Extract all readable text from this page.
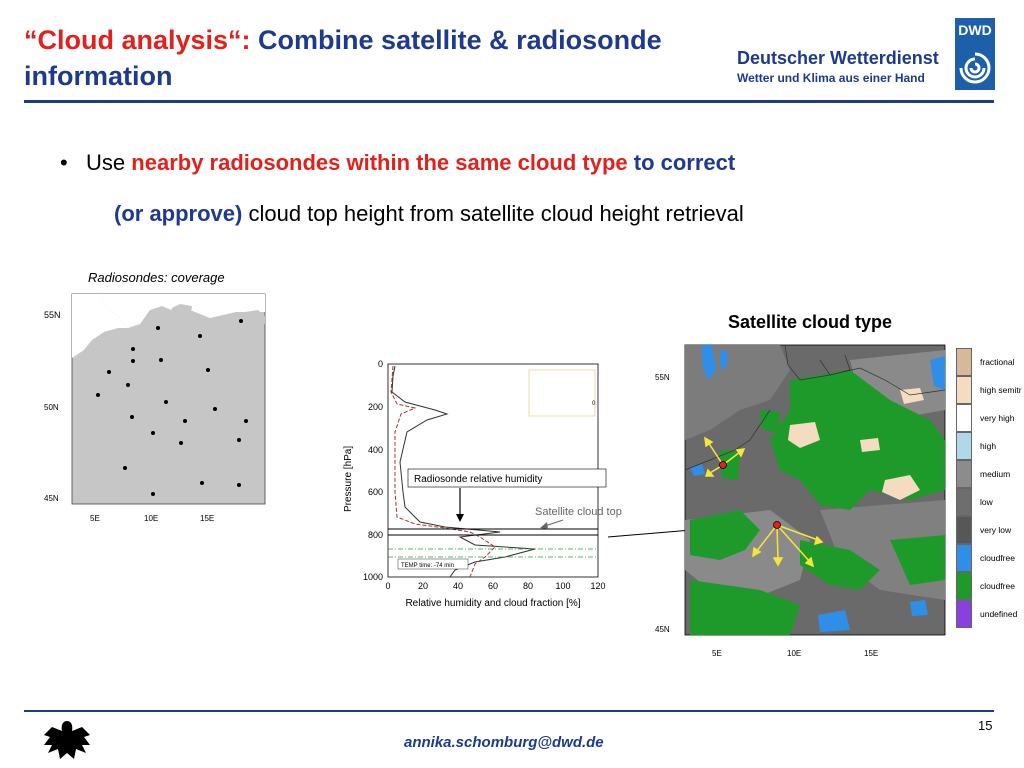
“Cloud analysis“: Combine satellite & radiosonde information
Deutscher Wetterdienst
Wetter und Klima aus einer Hand
DWD
• Use nearby radiosondes within the same cloud type to correct
(or approve) cloud top height from satellite cloud height retrieval
Radiosondes: coverage
55N
50N
45N
5E	10E	15E
Pressure [hPa]
0
200
400
600
800
1000
0	20	40	60	80 100 120
Relative humidity and cloud fraction [%]
0
TEMP time: -74 min
Radiosonde relative humidity
Satellite cloud top
Satellite cloud type
55N
45N
5E	10E	15E
fractional
high semitr
very high
high
medium
low
very low
cloudfree
cloudfree
undefined
annika.schomburg@dwd.de
15
